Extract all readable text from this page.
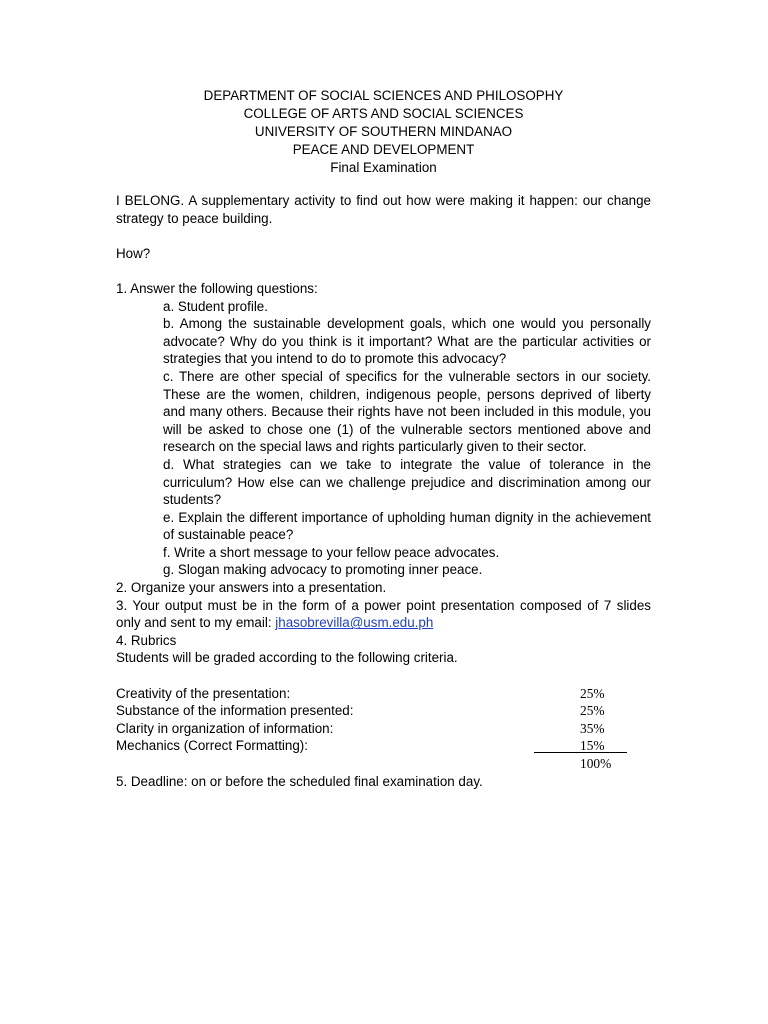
DEPARTMENT OF SOCIAL SCIENCES AND PHILOSOPHY
COLLEGE OF ARTS AND SOCIAL SCIENCES
UNIVERSITY OF SOUTHERN MINDANAO
PEACE AND DEVELOPMENT
Final Examination

I BELONG. A supplementary activity to find out how were making it happen: our change strategy to peace building.

How?

1. Answer the following questions:

a. Student profile.
b. Among the sustainable development goals, which one would you personally advocate? Why do you think is it important? What are the particular activities or strategies that you intend to do to promote this advocacy?
c. There are other special of specifics for the vulnerable sectors in our society. These are the women, children, indigenous people, persons deprived of liberty and many others. Because their rights have not been included in this module, you will be asked to chose one (1) of the vulnerable sectors mentioned above and research on the special laws and rights particularly given to their sector.
d. What strategies can we take to integrate the value of tolerance in the curriculum? How else can we challenge prejudice and discrimination among our students?
e. Explain the different importance of upholding human dignity in the achievement of sustainable peace?
f. Write a short message to your fellow peace advocates.
g. Slogan making advocacy to promoting inner peace.

2. Organize your answers into a presentation.

3. Your output must be in the form of a power point presentation composed of 7 slides only and sent to my email: jhasobrevilla@usm.edu.ph

4. Rubrics

Students will be graded according to the following criteria.

Creativity of the presentation:	25%
Substance of the information presented:	25%
Clarity in organization of information:	35%
Mechanics (Correct Formatting):	15%
100%

5. Deadline: on or before the scheduled final examination day.
